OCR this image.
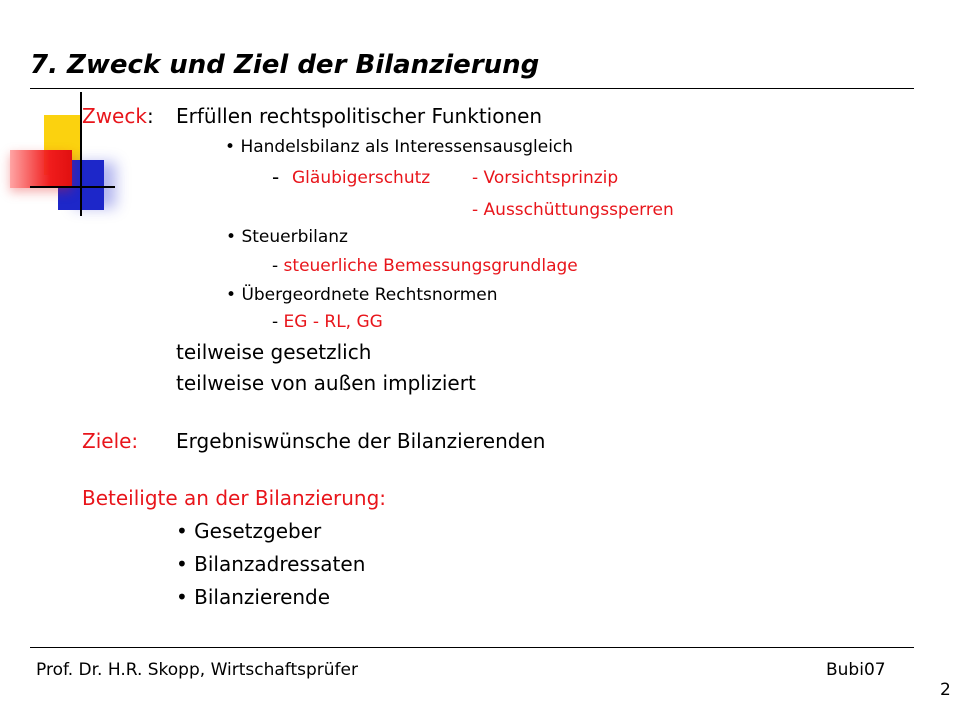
7. Zweck und Ziel der Bilanzierung
Zweck: Erfüllen rechtspolitischer Funktionen
• Handelsbilanz als Interessensausgleich
- Gläubigerschutz - Vorsichtsprinzip
- Ausschüttungssperren
• Steuerbilanz
- steuerliche Bemessungsgrundlage
• Übergeordnete Rechtsnormen
- EG - RL, GG
teilweise gesetzlich
teilweise von außen impliziert
Ziele: Ergebniswünsche der Bilanzierenden
Beteiligte an der Bilanzierung:
• Gesetzgeber
• Bilanzadressaten
• Bilanzierende
Prof. Dr. H.R. Skopp, Wirtschaftsprüfer	Bubi07
2
